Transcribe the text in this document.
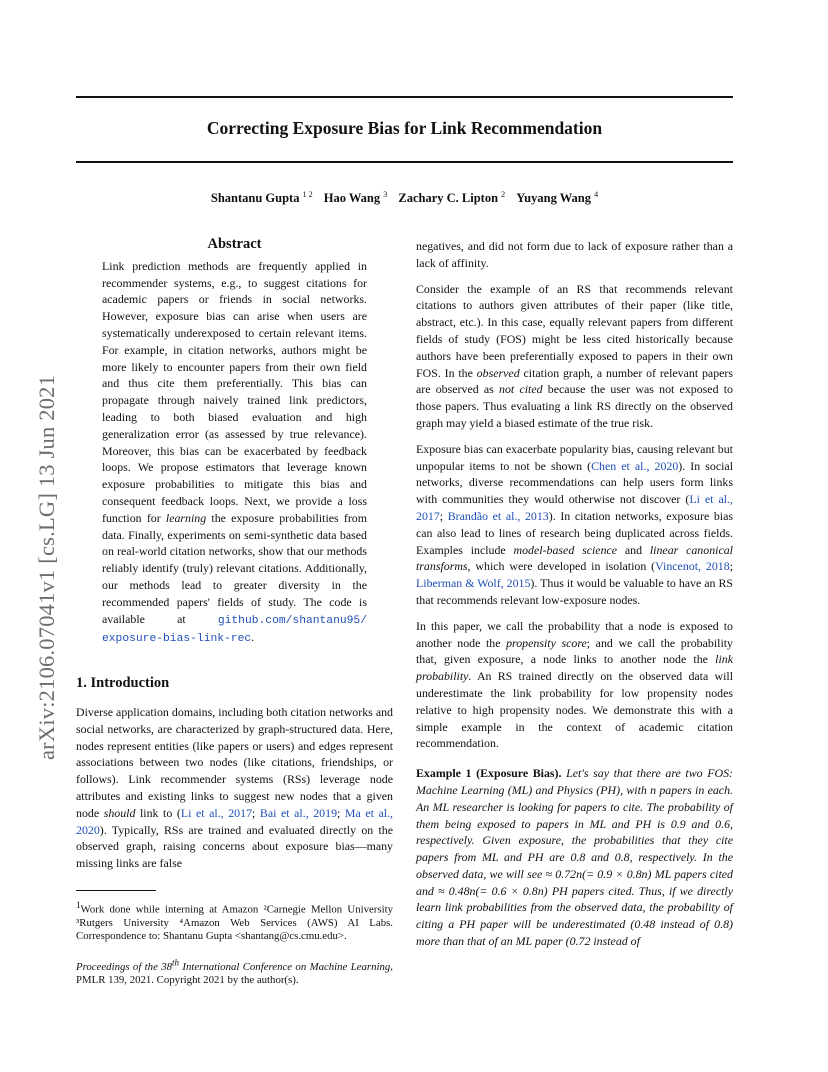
Correcting Exposure Bias for Link Recommendation
Shantanu Gupta $^{1 2}$ Hao Wang $^3$ Zachary C. Lipton $^2$ Yuyang Wang $^4$
arXiv:2106.07041v1 [cs.LG] 13 Jun 2021
Abstract

Link prediction methods are frequently applied in recommender systems, e.g., to suggest citations for academic papers or friends in social networks. However, exposure bias can arise when users are systematically underexposed to certain relevant items. For example, in citation networks, authors might be more likely to encounter papers from their own field and thus cite them preferentially. This bias can propagate through naively trained link predictors, leading to both biased evaluation and high generalization error (as assessed by true relevance). Moreover, this bias can be exacerbated by feedback loops. We propose estimators that leverage known exposure probabilities to mitigate this bias and consequent feedback loops. Next, we provide a loss function for learning the exposure probabilities from data. Finally, experiments on semi-synthetic data based on real-world citation networks, show that our methods reliably identify (truly) relevant citations. Additionally, our methods lead to greater diversity in the recommended papers' fields of study. The code is available at github.com/shantanu95/ exposure-bias-link-rec.

1. Introduction

Diverse application domains, including both citation networks and social networks, are characterized by graph-structured data. Here, nodes represent entities (like papers or users) and edges represent associations between two nodes (like citations, friendships, or follows). Link recommender systems (RSs) leverage node attributes and existing links to suggest new nodes that a given node should link to (Li et al., 2017; Bai et al., 2019; Ma et al., 2020). Typically, RSs are trained and evaluated directly on the observed graph, raising concerns about exposure bias—many missing links are false

$^1$Work done while interning at Amazon ²Carnegie Mellon University ³Rutgers University ⁴Amazon Web Services (AWS) AI Labs. Correspondence to: Shantanu Gupta <shantang@cs.cmu.edu>.

Proceedings of the 38th International Conference on Machine Learning, PMLR 139, 2021. Copyright 2021 by the author(s).

negatives, and did not form due to lack of exposure rather than a lack of affinity.

Consider the example of an RS that recommends relevant citations to authors given attributes of their paper (like title, abstract, etc.). In this case, equally relevant papers from different fields of study (FOS) might be less cited historically because authors have been preferentially exposed to papers in their own FOS. In the observed citation graph, a number of relevant papers are observed as not cited because the user was not exposed to those papers. Thus evaluating a link RS directly on the observed graph may yield a biased estimate of the true risk.

Exposure bias can exacerbate popularity bias, causing relevant but unpopular items to not be shown (Chen et al., 2020). In social networks, diverse recommendations can help users form links with communities they would otherwise not discover (Li et al., 2017; Brandão et al., 2013). In citation networks, exposure bias can also lead to lines of research being duplicated across fields. Examples include model-based science and linear canonical transforms, which were developed in isolation (Vincenot, 2018; Liberman & Wolf, 2015). Thus it would be valuable to have an RS that recommends relevant low-exposure nodes.

In this paper, we call the probability that a node is exposed to another node the propensity score; and we call the probability that, given exposure, a node links to another node the link probability. An RS trained directly on the observed data will underestimate the link probability for low propensity nodes relative to high propensity nodes. We demonstrate this with a simple example in the context of academic citation recommendation.

Example 1 (Exposure Bias). Let's say that there are two FOS: Machine Learning (ML) and Physics (PH), with n papers in each. An ML researcher is looking for papers to cite. The probability of them being exposed to papers in ML and PH is 0.9 and 0.6, respectively. Given exposure, the probabilities that they cite papers from ML and PH are 0.8 and 0.8, respectively. In the observed data, we will see ≈ 0.72n(= 0.9 × 0.8n) ML papers cited and ≈ 0.48n(= 0.6 × 0.8n) PH papers cited. Thus, if we directly learn link probabilities from the observed data, the probability of citing a PH paper will be underestimated (0.48 instead of 0.8) more than that of an ML paper (0.72 instead of
